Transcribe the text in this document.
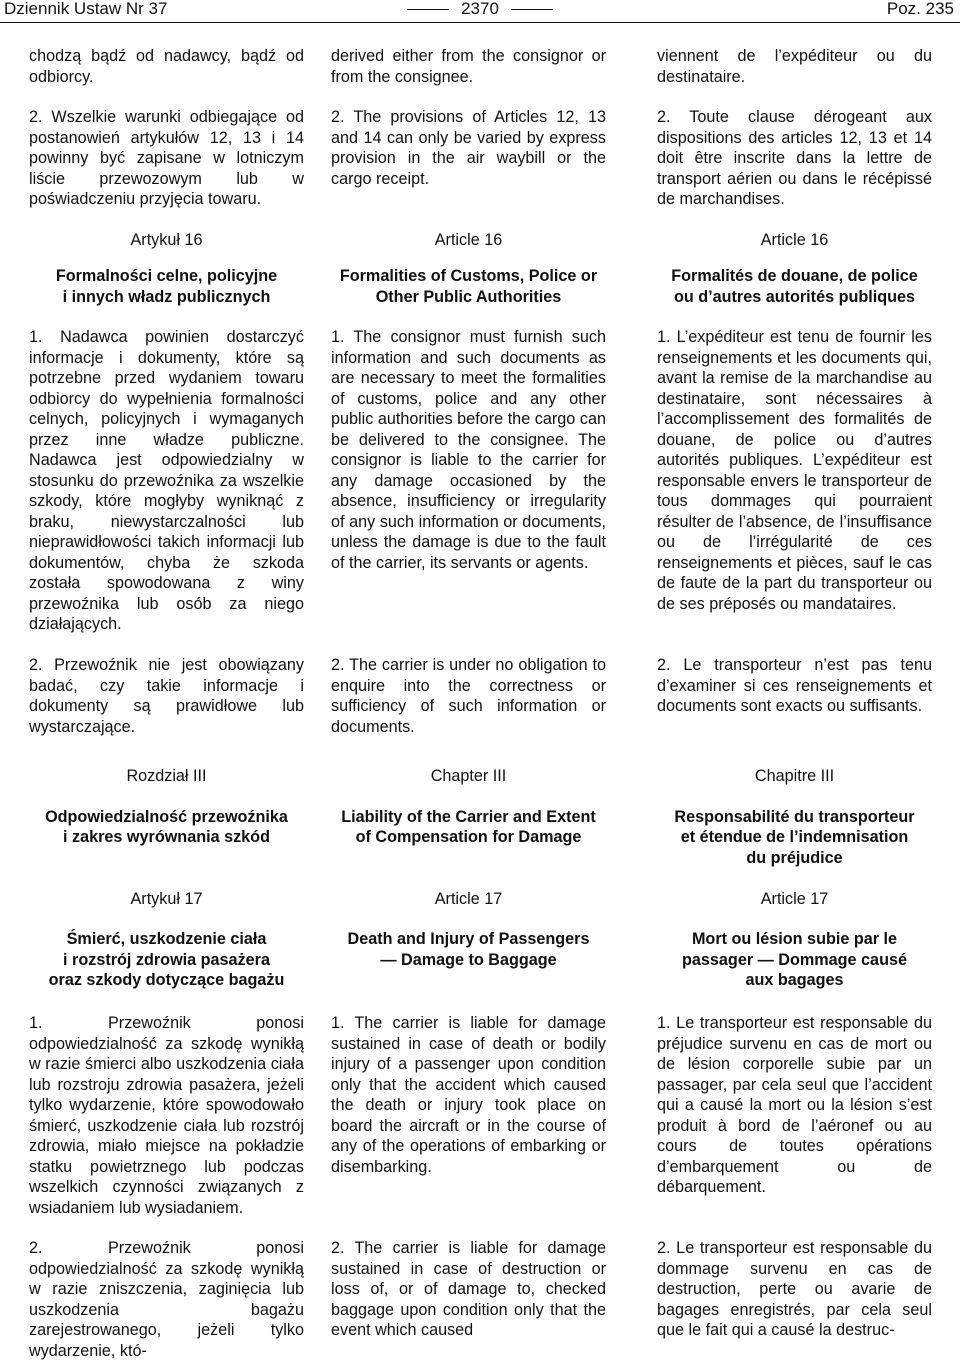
Dziennik Ustaw Nr 37	2370	Poz. 235
chodzą bądź od nadawcy, bądź od odbiorcy.
2. Wszelkie warunki odbiegające od postanowień artykułów 12, 13 i 14 powinny być zapisane w lotniczym liście przewozowym lub w poświadczeniu przyjęcia towaru.
Artykuł 16
Formalności celne, policyjne
i innych władz publicznych
1. Nadawca powinien dostarczyć informacje i dokumenty, które są potrzebne przed wydaniem towaru odbiorcy do wypełnienia formalności celnych, policyjnych i wymaganych przez inne władze publiczne. Nadawca jest odpowiedzialny w stosunku do przewoźnika za wszelkie szkody, które mogłyby wyniknąć z braku, niewystarczalności lub nieprawidłowości takich informacji lub dokumentów, chyba że szkoda została spowodowana z winy przewoźnika lub osób za niego działających.
2. Przewoźnik nie jest obowiązany badać, czy takie informacje i dokumenty są prawidłowe lub wystarczające.
derived either from the consignor or from the consignee.
2. The provisions of Articles 12, 13 and 14 can only be varied by express provision in the air waybill or the cargo receipt.
Article 16
Formalities of Customs, Police or
Other Public Authorities
1. The consignor must furnish such information and such documents as are necessary to meet the formalities of customs, police and any other public authorities before the cargo can be delivered to the consignee. The consignor is liable to the carrier for any damage occasioned by the absence, insufficiency or irregularity of any such information or documents, unless the damage is due to the fault of the carrier, its servants or agents.
2. The carrier is under no obligation to enquire into the correctness or sufficiency of such information or documents.
viennent de l’expéditeur ou du destinataire.
2. Toute clause dérogeant aux dispositions des articles 12, 13 et 14 doit être inscrite dans la lettre de transport aérien ou dans le récépissé de marchandises.
Article 16
Formalités de douane, de police
ou d’autres autorités publiques
1. L’expéditeur est tenu de fournir les renseignements et les documents qui, avant la remise de la marchandise au destinataire, sont nécessaires à l’accomplissement des formalités de douane, de police ou d’autres autorités publiques. L’expéditeur est responsable envers le transporteur de tous dommages qui pourraient résulter de l’absence, de l’insuffisance ou de l’irrégularité de ces renseignements et pièces, sauf le cas de faute de la part du transporteur ou de ses préposés ou mandataires.
2. Le transporteur n’est pas tenu d’examiner si ces renseignements et documents sont exacts ou suffisants.
Rozdział III
Odpowiedzialność przewoźnika
i zakres wyrównania szkód
Artykuł 17
Śmierć, uszkodzenie ciała
i rozstrój zdrowia pasażera
oraz szkody dotyczące bagażu
1. Przewoźnik ponosi odpowiedzialność za szkodę wynikłą w razie śmierci albo uszkodzenia ciała lub rozstroju zdrowia pasażera, jeżeli tylko wydarzenie, które spowodowało śmierć, uszkodzenie ciała lub rozstrój zdrowia, miało miejsce na pokładzie statku powietrznego lub podczas wszelkich czynności związanych z wsiadaniem lub wysiadaniem.
2. Przewoźnik ponosi odpowiedzialność za szkodę wynikłą w razie zniszczenia, zaginięcia lub uszkodzenia bagażu zarejestrowanego, jeżeli tylko wydarzenie, któ-
Chapter III
Liability of the Carrier and Extent
of Compensation for Damage
Article 17
Death and Injury of Passengers
— Damage to Baggage
1. The carrier is liable for damage sustained in case of death or bodily injury of a passenger upon condition only that the accident which caused the death or injury took place on board the aircraft or in the course of any of the operations of embarking or disembarking.
2. The carrier is liable for damage sustained in case of destruction or loss of, or of damage to, checked baggage upon condition only that the event which caused
Chapitre III
Responsabilité du transporteur
et étendue de l’indemnisation
du préjudice
Article 17
Mort ou lésion subie par le
passager — Dommage causé
aux bagages
1. Le transporteur est responsable du préjudice survenu en cas de mort ou de lésion corporelle subie par un passager, par cela seul que l’accident qui a causé la mort ou la lésion s’est produit à bord de l’aéronef ou au cours de toutes opérations d’embarquement ou de débarquement.
2. Le transporteur est responsable du dommage survenu en cas de destruction, perte ou avarie de bagages enregistrés, par cela seul que le fait qui a causé la destruc-
